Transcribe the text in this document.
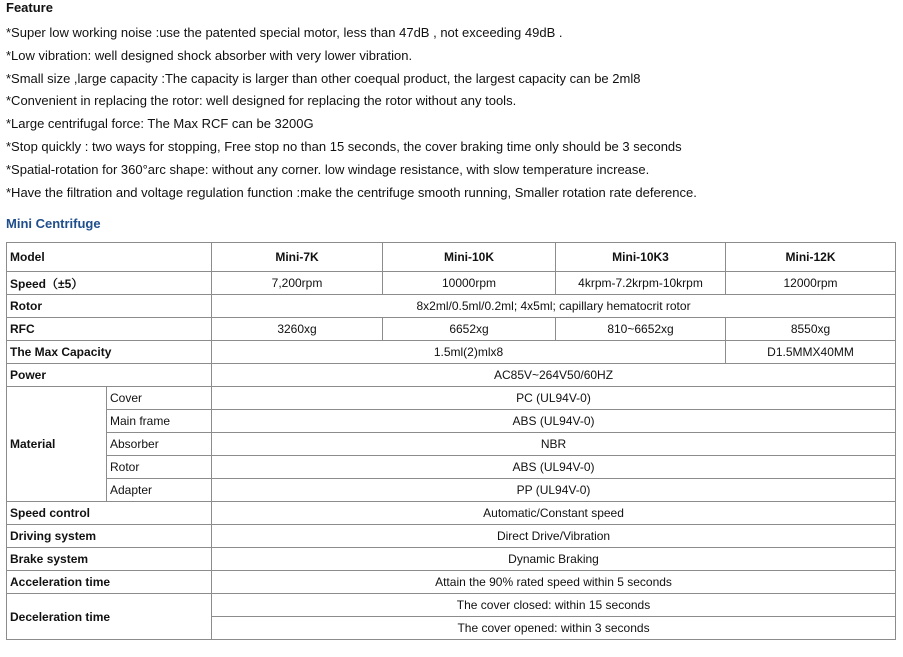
Feature
*Super low working noise :use the patented special motor, less than 47dB , not exceeding 49dB .
*Low vibration: well designed shock absorber with very lower vibration.
*Small size ,large capacity :The capacity is larger than other coequal product, the largest capacity can be 2ml8
*Convenient in replacing the rotor: well designed for replacing the rotor without any tools.
*Large centrifugal force: The Max RCF can be 3200G
*Stop quickly : two ways for stopping, Free stop no than 15 seconds, the cover braking time only should be 3 seconds
*Spatial-rotation for 360°arc shape: without any corner. low windage resistance, with slow temperature increase.
*Have the filtration and voltage regulation function :make the centrifuge smooth running, Smaller rotation rate deference.
Mini Centrifuge
Model		Mini-7K	Mini-10K	Mini-10K3	Mini-12K
Speed（±5）		7,200rpm	10000rpm	4krpm-7.2krpm-10krpm	12000rpm
Rotor		8x2ml/0.5ml/0.2ml; 4x5ml; capillary hematocrit rotor			
RFC		3260xg	6652xg	810~6652xg	8550xg
The Max Capacity		1.5ml(2)mlx8			D1.5MMX40MM
Power		AC85V~264V50/60HZ			
Material	Cover	PC (UL94V-0)			
	Main frame	ABS (UL94V-0)			
	Absorber	NBR			
	Rotor	ABS (UL94V-0)			
	Adapter	PP (UL94V-0)			
Speed control		Automatic/Constant speed			
Driving system		Direct Drive/Vibration			
Brake system		Dynamic Braking			
Acceleration time		Attain the 90% rated speed within 5 seconds			
Deceleration time		The cover closed: within 15 seconds			
		The cover opened: within 3 seconds			
